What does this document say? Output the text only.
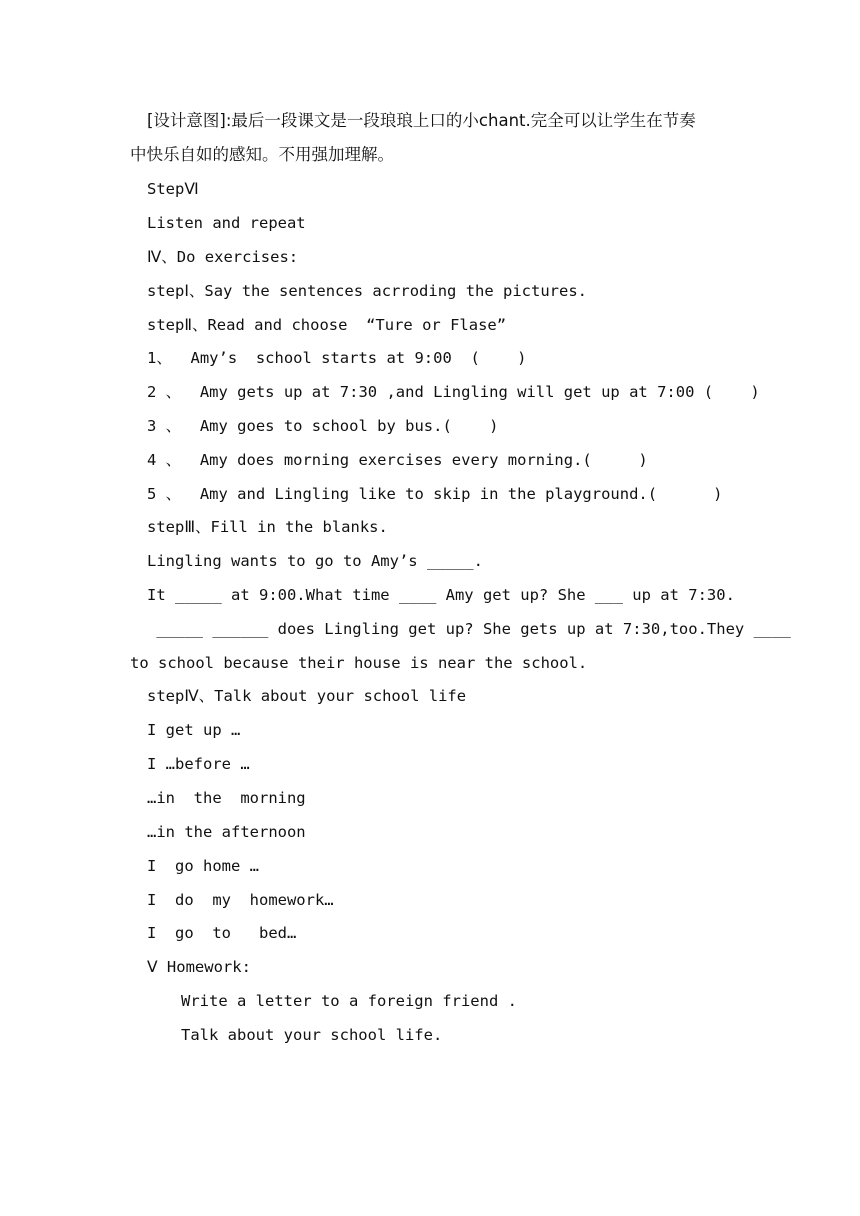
[设计意图]:最后一段课文是一段琅琅上口的小chant.完全可以让学生在节奏
中快乐自如的感知。不用强加理解。
StepⅥ
Listen and repeat
Ⅳ、Do exercises:
stepⅠ、Say the sentences acrroding the pictures.
stepⅡ、Read and choose  “Ture or Flase”
1、  Amy’s  school starts at 9:00  (    )
2 、  Amy gets up at 7:30 ,and Lingling will get up at 7:00 (    )
3 、  Amy goes to school by bus.(    )
4 、  Amy does morning exercises every morning.(     )
5 、  Amy and Lingling like to skip in the playground.(      )
stepⅢ、Fill in the blanks.
Lingling wants to go to Amy’s _____.
It _____ at 9:00.What time ____ Amy get up? She ___ up at 7:30.
_____ ______ does Lingling get up? She gets up at 7:30,too.They ____
to school because their house is near the school.
stepⅣ、Talk about your school life
I get up …
I …before …
…in  the  morning
…in the afternoon
I  go home …
I  do  my  homework…
I  go  to   bed…
Ⅴ Homework:
Write a letter to a foreign friend .
Talk about your school life.
